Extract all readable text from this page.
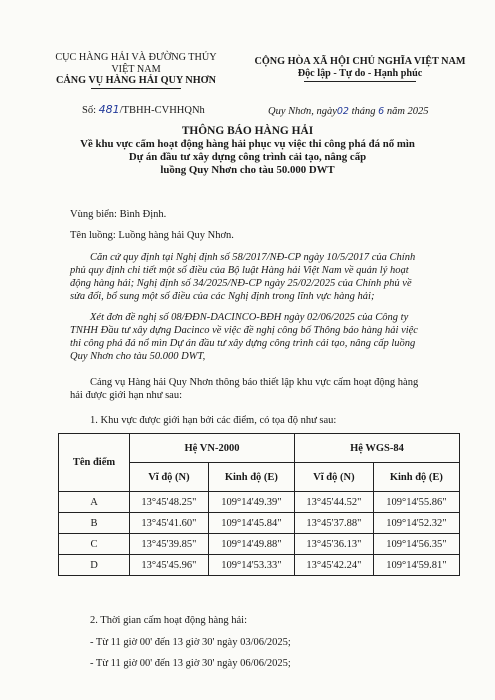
CỤC HÀNG HẢI VÀ ĐƯỜNG THỦY
VIỆT NAM
CẢNG VỤ HÀNG HẢI QUY NHƠN
CỘNG HÒA XÃ HỘI CHỦ NGHĨA VIỆT NAM
Độc lập - Tự do - Hạnh phúc
Số: 481/TBHH-CVHHQNh	Quy Nhơn, ngày02 tháng 6 năm 2025
THÔNG BÁO HÀNG HẢI
Về khu vực cấm hoạt động hàng hải phục vụ việc thi công phá đá nổ mìn
Dự án đầu tư xây dựng công trình cải tạo, nâng cấp
luồng Quy Nhơn cho tàu 50.000 DWT
Vùng biển: Bình Định.
Tên luồng: Luồng hàng hải Quy Nhơn.

Căn cứ quy định tại Nghị định số 58/2017/NĐ-CP ngày 10/5/2017 của Chính

phủ quy định chi tiết một số điều của Bộ luật Hàng hải Việt Nam về quản lý hoạt

động hàng hải; Nghị định số 34/2025/NĐ-CP ngày 25/02/2025 của Chính phủ về

sửa đổi, bổ sung một số điều của các Nghị định trong lĩnh vực hàng hải;

Xét đơn đề nghị số 08/ĐĐN-DACINCO-BĐH ngày 02/06/2025 của Công ty

TNHH Đầu tư xây dựng Dacinco về việc đề nghị công bố Thông báo hàng hải việc

thi công phá đá nổ mìn Dự án đầu tư xây dựng công trình cải tạo, nâng cấp luồng

Quy Nhơn cho tàu 50.000 DWT,

Cảng vụ Hàng hải Quy Nhơn thông báo thiết lập khu vực cấm hoạt động hàng

hải được giới hạn như sau:

1. Khu vực được giới hạn bởi các điểm, có tọa độ như sau:
Tên điểm	Hệ VN-2000		Hệ WGS-84	
	Vĩ độ (N)	Kinh độ (E)	Vĩ độ (N)	Kinh độ (E)
A	13°45'48.25"	109°14'49.39"	13°45'44.52"	109°14'55.86"
B	13°45'41.60"	109°14'45.84"	13°45'37.88"	109°14'52.32"
C	13°45'39.85"	109°14'49.88"	13°45'36.13"	109°14'56.35"
D	13°45'45.96"	109°14'53.33"	13°45'42.24"	109°14'59.81"
2. Thời gian cấm hoạt động hàng hải:
- Từ 11 giờ 00' đến 13 giờ 30' ngày 03/06/2025;
- Từ 11 giờ 00' đến 13 giờ 30' ngày 06/06/2025;
